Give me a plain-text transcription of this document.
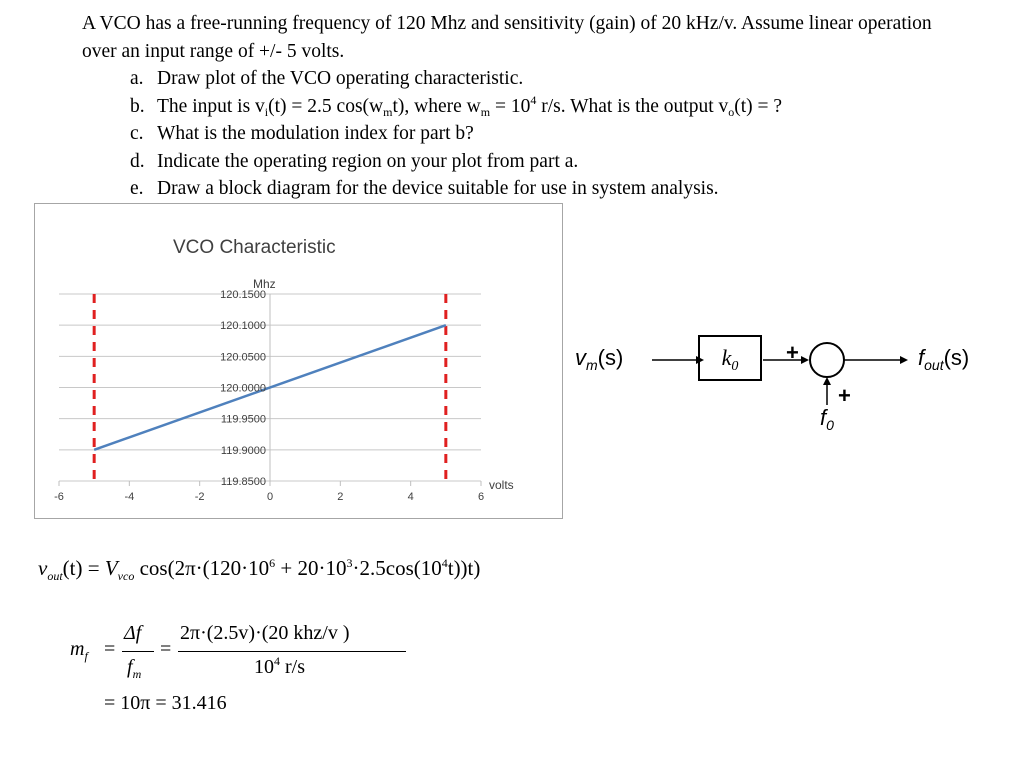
A VCO has a free-running frequency of 120 Mhz and sensitivity (gain) of 20 kHz/v. Assume linear operation over an input range of +/- 5 volts.

a. Draw plot of the VCO operating characteristic.
b. The input is $v_i(t) = 2.5$ $\cos(w_mt)$, where $w_m = 10^4$ r/s. What is the output $v_o(t)$ = ?
c. What is the modulation index for part b?
d. Indicate the operating region on your plot from part a.
e. Draw a block diagram for the device suitable for use in system analysis.
VCO Characteristic
120.1500
120.1000
120.0500
120.0000
119.9500
119.9000
119.8500
-6	-4	-2	0	2	4	6
Mhz
volts
$v_m(s)$	$k_0$
+
+
$f_0$
$f_{out}(s)$
$v_{out}(t) = V_{vco}$ $\cos(2\pi\cdot(120\cdot 10^6 + 20\cdot 10^3\cdot 2.5\cos(10^4t))t)$
$m_f$ =
Δf
$f_m$
=
2π·(2.5v)·(20 khz/v )
$10^4$ r/s
= 10π = 31.416
